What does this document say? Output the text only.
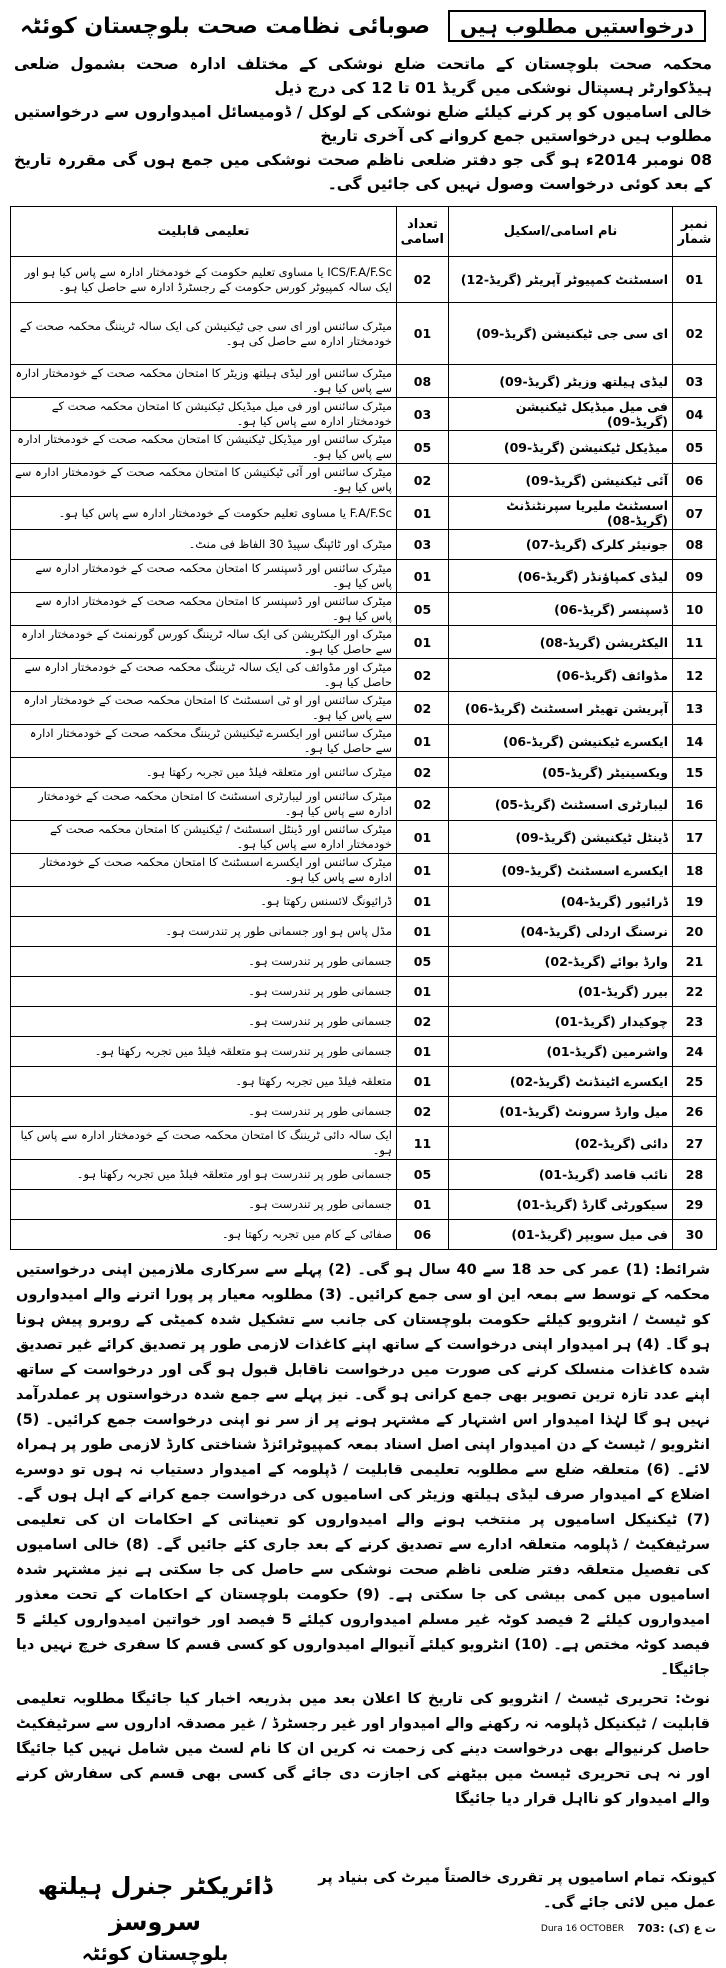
صوبائی نظامت صحت بلوچستان کوئٹہ	درخواستیں مطلوب ہیں
محکمہ صحت بلوچستان کے ماتحت ضلع نوشکی کے مختلف ادارہ صحت بشمول ضلعی ہیڈکوارٹر ہسپتال نوشکی میں گریڈ 01 تا 12 کی درج ذیل
خالی اسامیوں کو پر کرنے کیلئے ضلع نوشکی کے لوکل / ڈومیسائل امیدواروں سے درخواستیں مطلوب ہیں درخواستیں جمع کروانے کی آخری تاریخ
08 نومبر 2014ء ہو گی جو دفتر ضلعی ناظم صحت نوشکی میں جمع ہوں گی مقررہ تاریخ کے بعد کوئی درخواست وصول نہیں کی جائیں گی۔
نمبر شمار	نام اسامی/اسکیل	تعداد اسامی	تعلیمی قابلیت
01	اسسٹنٹ کمپیوٹر آپریٹر (گریڈ-12)	02	ICS/F.A/F.Sc یا مساوی تعلیم حکومت کے خودمختار ادارہ سے پاس کیا ہو اور ایک سالہ کمپیوٹر کورس حکومت کے رجسٹرڈ ادارہ سے حاصل کیا ہو۔
02	ای سی جی ٹیکنیشن (گریڈ-09)	01	میٹرک سائنس اور ای سی جی ٹیکنیشن کی ایک سالہ ٹریننگ محکمہ صحت کے خودمختار ادارہ سے حاصل کی ہو۔
03	لیڈی ہیلتھ وزیٹر (گریڈ-09)	08	میٹرک سائنس اور لیڈی ہیلتھ وزیٹر کا امتحان محکمہ صحت کے خودمختار ادارہ سے پاس کیا ہو۔
04	فی میل میڈیکل ٹیکنیشن (گریڈ-09)	03	میٹرک سائنس اور فی میل میڈیکل ٹیکنیشن کا امتحان محکمہ صحت کے خودمختار ادارہ سے پاس کیا ہو۔
05	میڈیکل ٹیکنیشن (گریڈ-09)	05	میٹرک سائنس اور میڈیکل ٹیکنیشن کا امتحان محکمہ صحت کے خودمختار ادارہ سے پاس کیا ہو۔
06	آئی ٹیکنیشن (گریڈ-09)	02	میٹرک سائنس اور آئی ٹیکنیشن کا امتحان محکمہ صحت کے خودمختار ادارہ سے پاس کیا ہو۔
07	اسسٹنٹ ملیریا سپرنٹنڈنٹ (گریڈ-08)	01	F.A/F.Sc یا مساوی تعلیم حکومت کے خودمختار ادارہ سے پاس کیا ہو۔
08	جونیئر کلرک (گریڈ-07)	03	میٹرک اور ٹائپنگ سپیڈ 30 الفاظ فی منٹ۔
09	لیڈی کمپاؤنڈر (گریڈ-06)	01	میٹرک سائنس اور ڈسپنسر کا امتحان محکمہ صحت کے خودمختار ادارہ سے پاس کیا ہو۔
10	ڈسپنسر (گریڈ-06)	05	میٹرک سائنس اور ڈسپنسر کا امتحان محکمہ صحت کے خودمختار ادارہ سے پاس کیا ہو۔
11	الیکٹریشن (گریڈ-08)	01	میٹرک اور الیکٹریشن کی ایک سالہ ٹریننگ کورس گورنمنٹ کے خودمختار ادارہ سے حاصل کیا ہو۔
12	مڈوائف (گریڈ-06)	02	میٹرک اور مڈوائف کی ایک سالہ ٹریننگ محکمہ صحت کے خودمختار ادارہ سے حاصل کیا ہو۔
13	آپریشن تھیٹر اسسٹنٹ (گریڈ-06)	02	میٹرک سائنس اور او ٹی اسسٹنٹ کا امتحان محکمہ صحت کے خودمختار ادارہ سے پاس کیا ہو۔
14	ایکسرے ٹیکنیشن (گریڈ-06)	01	میٹرک سائنس اور ایکسرے ٹیکنیشن ٹریننگ محکمہ صحت کے خودمختار ادارہ سے حاصل کیا ہو۔
15	ویکسینیٹر (گریڈ-05)	02	میٹرک سائنس اور متعلقہ فیلڈ میں تجربہ رکھتا ہو۔
16	لیبارٹری اسسٹنٹ (گریڈ-05)	02	میٹرک سائنس اور لیبارٹری اسسٹنٹ کا امتحان محکمہ صحت کے خودمختار ادارہ سے پاس کیا ہو۔
17	ڈینٹل ٹیکنیشن (گریڈ-09)	01	میٹرک سائنس اور ڈینٹل اسسٹنٹ / ٹیکنیشن کا امتحان محکمہ صحت کے خودمختار ادارہ سے پاس کیا ہو۔
18	ایکسرے اسسٹنٹ (گریڈ-09)	01	میٹرک سائنس اور ایکسرے اسسٹنٹ کا امتحان محکمہ صحت کے خودمختار ادارہ سے پاس کیا ہو۔
19	ڈرائیور (گریڈ-04)	01	ڈرائیونگ لائسنس رکھتا ہو۔
20	نرسنگ اردلی (گریڈ-04)	01	مڈل پاس ہو اور جسمانی طور پر تندرست ہو۔
21	وارڈ بوائے (گریڈ-02)	05	جسمانی طور پر تندرست ہو۔
22	بیرر (گریڈ-01)	01	جسمانی طور پر تندرست ہو۔
23	چوکیدار (گریڈ-01)	02	جسمانی طور پر تندرست ہو۔
24	واشرمین (گریڈ-01)	01	جسمانی طور پر تندرست ہو متعلقہ فیلڈ میں تجربہ رکھتا ہو۔
25	ایکسرے اٹینڈنٹ (گریڈ-02)	01	متعلقہ فیلڈ میں تجربہ رکھتا ہو۔
26	میل وارڈ سرونٹ (گریڈ-01)	02	جسمانی طور پر تندرست ہو۔
27	دائی (گریڈ-02)	11	ایک سالہ دائی ٹریننگ کا امتحان محکمہ صحت کے خودمختار ادارہ سے پاس کیا ہو۔
28	نائب قاصد (گریڈ-01)	05	جسمانی طور پر تندرست ہو اور متعلقہ فیلڈ میں تجربہ رکھتا ہو۔
29	سیکورٹی گارڈ (گریڈ-01)	01	جسمانی طور پر تندرست ہو۔
30	فی میل سویپر (گریڈ-01)	06	صفائی کے کام میں تجربہ رکھتا ہو۔
شرائط: (1) عمر کی حد 18 سے 40 سال ہو گی۔ (2) پہلے سے سرکاری ملازمین اپنی درخواستیں محکمہ کے توسط سے بمعہ این او سی جمع کرائیں۔ (3) مطلوبہ معیار پر پورا اترنے والے امیدواروں کو ٹیسٹ / انٹرویو کیلئے حکومت بلوچستان کی جانب سے تشکیل شدہ کمیٹی کے روبرو پیش ہونا ہو گا۔ (4) ہر امیدوار اپنی درخواست کے ساتھ اپنے کاغذات لازمی طور پر تصدیق کرائے غیر تصدیق شدہ کاغذات منسلک کرنے کی صورت میں درخواست ناقابل قبول ہو گی اور درخواست کے ساتھ اپنے عدد تازہ ترین تصویر بھی جمع کرانی ہو گی۔ نیز پہلے سے جمع شدہ درخواستوں پر عملدرآمد نہیں ہو گا لہٰذا امیدوار اس اشتہار کے مشتہر ہونے پر از سر نو اپنی درخواست جمع کرائیں۔ (5) انٹرویو / ٹیسٹ کے دن امیدوار اپنی اصل اسناد بمعہ کمپیوٹرائزڈ شناختی کارڈ لازمی طور پر ہمراہ لائے۔ (6) متعلقہ ضلع سے مطلوبہ تعلیمی قابلیت / ڈپلومہ کے امیدوار دستیاب نہ ہوں تو دوسرے اضلاع کے امیدوار صرف لیڈی ہیلتھ وزیٹر کی اسامیوں کی درخواست جمع کرانے کے اہل ہوں گے۔ (7) ٹیکنیکل اسامیوں پر منتخب ہونے والے امیدواروں کو تعیناتی کے احکامات ان کی تعلیمی سرٹیفکیٹ / ڈپلومہ متعلقہ ادارے سے تصدیق کرنے کے بعد جاری کئے جائیں گے۔ (8) خالی اسامیوں کی تفصیل متعلقہ دفتر ضلعی ناظم صحت نوشکی سے حاصل کی جا سکتی ہے نیز مشتہر شدہ اسامیوں میں کمی بیشی کی جا سکتی ہے۔ (9) حکومت بلوچستان کے احکامات کے تحت معذور امیدواروں کیلئے 2 فیصد کوٹہ غیر مسلم امیدواروں کیلئے 5 فیصد اور خواتین امیدواروں کیلئے 5 فیصد کوٹہ مختص ہے۔ (10) انٹرویو کیلئے آنیوالے امیدواروں کو کسی قسم کا سفری خرچ نہیں دیا جائیگا۔
نوٹ: تحریری ٹیسٹ / انٹرویو کی تاریخ کا اعلان بعد میں بذریعہ اخبار کیا جائیگا مطلوبہ تعلیمی قابلیت / ٹیکنیکل ڈپلومہ نہ رکھنے والے امیدوار اور غیر رجسٹرڈ / غیر مصدقہ اداروں سے سرٹیفکیٹ حاصل کرنیوالے بھی درخواست دینے کی زحمت نہ کریں ان کا نام لسٹ میں شامل نہیں کیا جائیگا اور نہ ہی تحریری ٹیسٹ میں بیٹھنے کی اجازت دی جائے گی کسی بھی قسم کی سفارش کرنے والے امیدوار کو نااہل قرار دیا جائیگا
کیونکہ تمام اسامیوں پر تقرری خالصتاً میرٹ کی بنیاد پر عمل میں لائی جائے گی۔
ت ع (ک) :703
Dura 16 OCTOBER
ڈائریکٹر جنرل ہیلتھ سروسز
بلوچستان کوئٹہ
